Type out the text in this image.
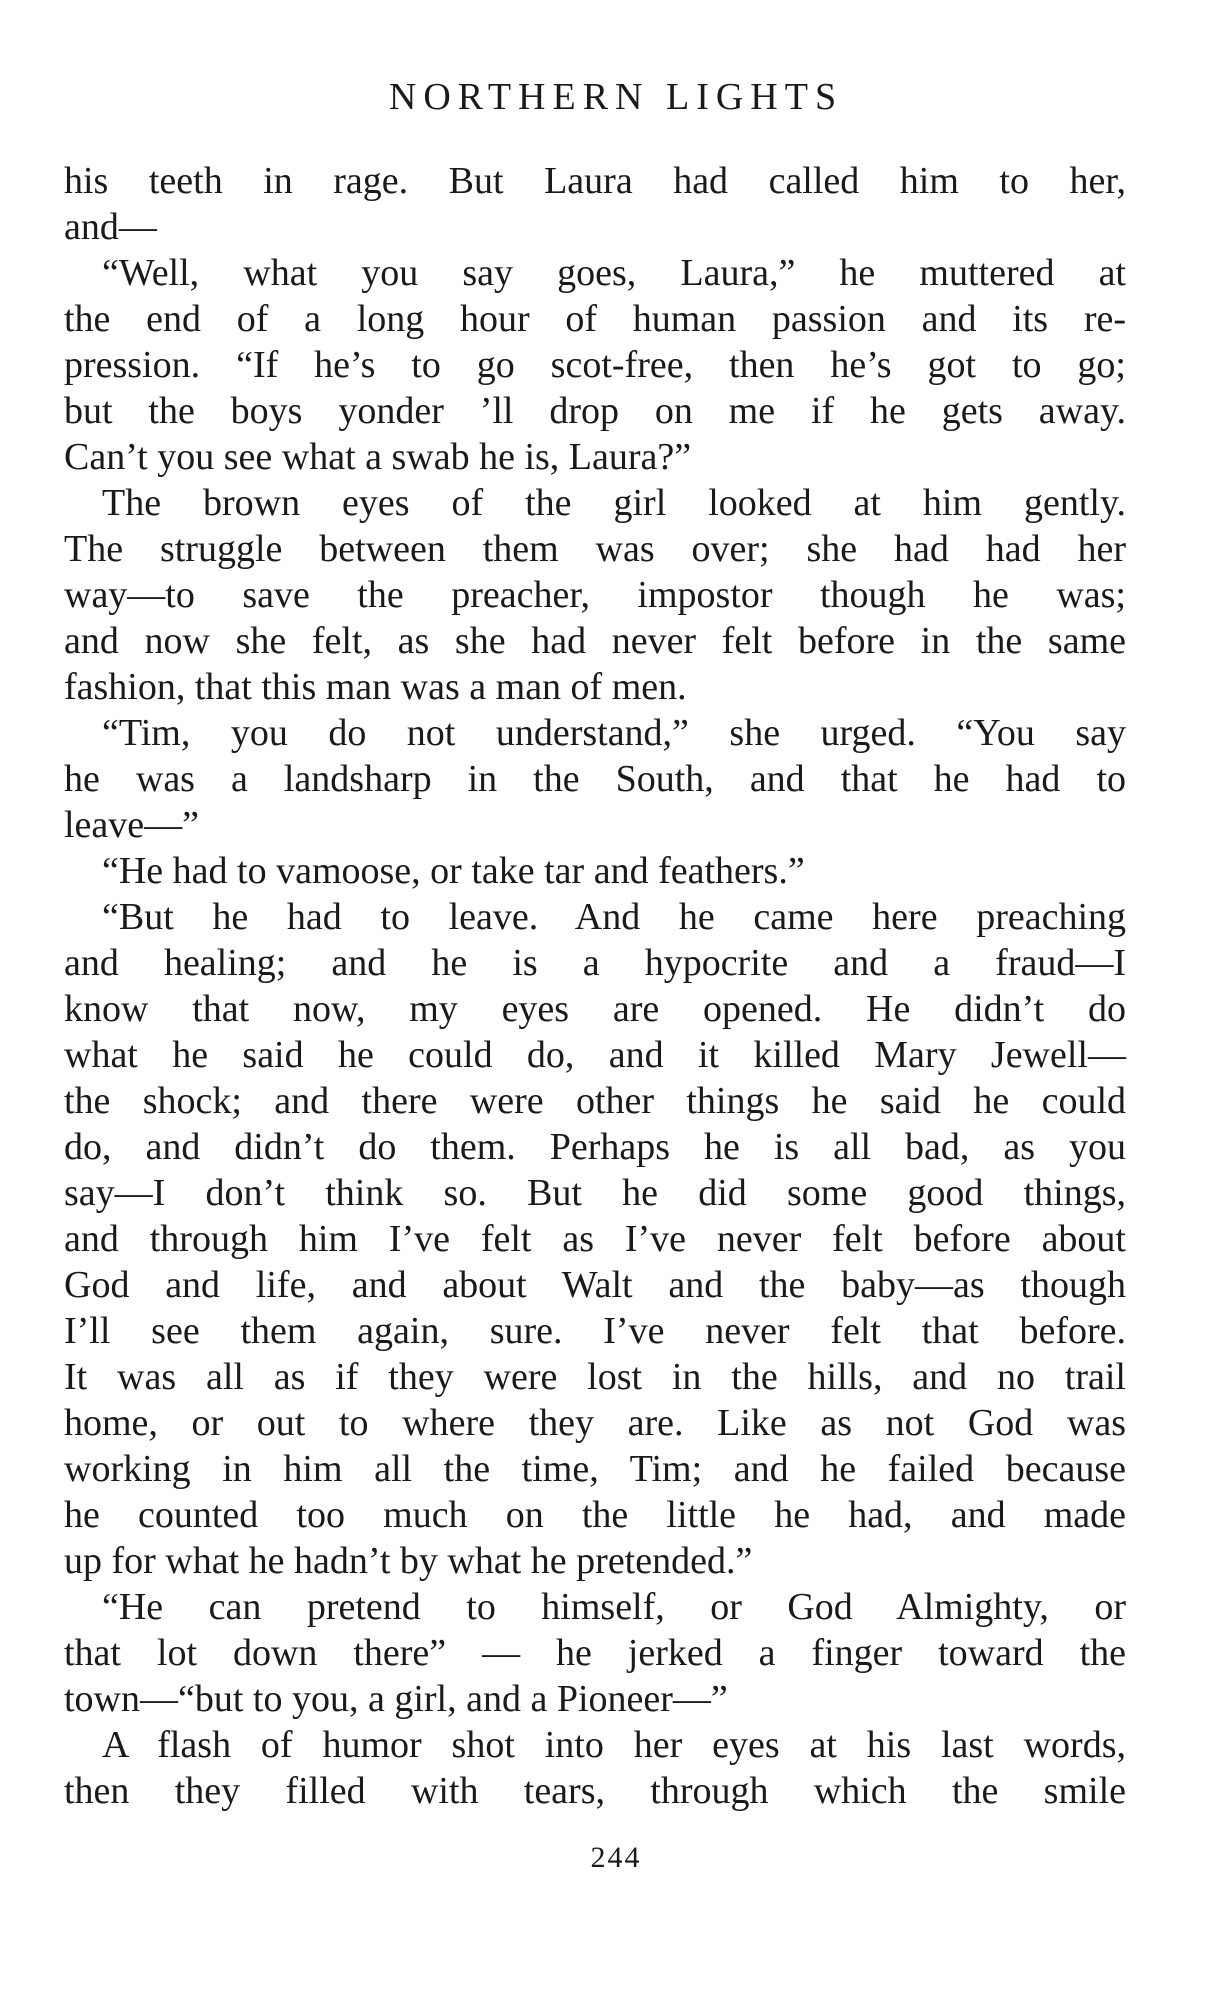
NORTHERN LIGHTS
his teeth in rage. But Laura had called him to her,
and—
“Well, what you say goes, Laura,” he muttered at
the end of a long hour of human passion and its re-
pression. “If he’s to go scot-free, then he’s got to go;
but the boys yonder ’ll drop on me if he gets away.
Can’t you see what a swab he is, Laura?”
The brown eyes of the girl looked at him gently.
The struggle between them was over; she had had her
way—to save the preacher, impostor though he was;
and now she felt, as she had never felt before in the same
fashion, that this man was a man of men.
“Tim, you do not understand,” she urged. “You say
he was a landsharp in the South, and that he had to
leave—”
“He had to vamoose, or take tar and feathers.”
“But he had to leave. And he came here preaching
and healing; and he is a hypocrite and a fraud—I
know that now, my eyes are opened. He didn’t do
what he said he could do, and it killed Mary Jewell—
the shock; and there were other things he said he could
do, and didn’t do them. Perhaps he is all bad, as you
say—I don’t think so. But he did some good things,
and through him I’ve felt as I’ve never felt before about
God and life, and about Walt and the baby—as though
I’ll see them again, sure. I’ve never felt that before.
It was all as if they were lost in the hills, and no trail
home, or out to where they are. Like as not God was
working in him all the time, Tim; and he failed because
he counted too much on the little he had, and made
up for what he hadn’t by what he pretended.”
“He can pretend to himself, or God Almighty, or
that lot down there” — he jerked a finger toward the
town—“but to you, a girl, and a Pioneer—”
A flash of humor shot into her eyes at his last words,
then they filled with tears, through which the smile
244
